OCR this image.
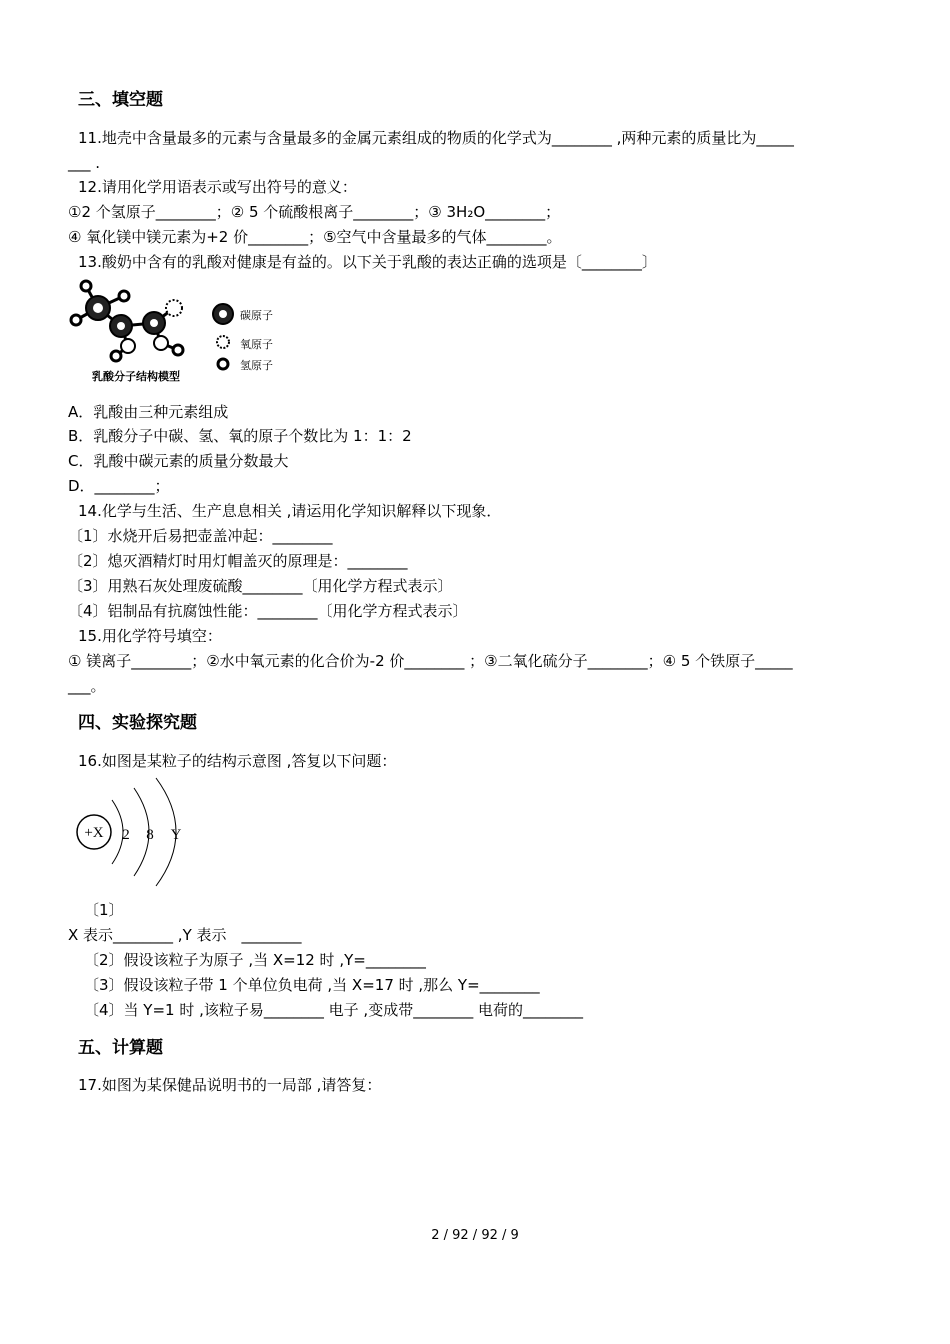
三、填空题
11.地壳中含量最多的元素与含量最多的金属元素组成的物质的化学式为________ ,两种元素的质量比为_____
___ .
12.请用化学用语表示或写出符号的意义：
①2 个氢原子________；② 5 个硫酸根离子________；③ 3H₂O________；
④ 氧化镁中镁元素为+2 价________；⑤空气中含量最多的气体________。
13.酸奶中含有的乳酸对健康是有益的。以下关于乳酸的表达正确的选项是〔________〕
乳酸分子结构模型
碳原子
氧原子
氢原子
A．乳酸由三种元素组成
B．乳酸分子中碳、氢、氧的原子个数比为 1：1：2
C．乳酸中碳元素的质量分数最大
D．________；
14.化学与生活、生产息息相关 ,请运用化学知识解释以下现象．
〔1〕水烧开后易把壶盖冲起：________
〔2〕熄灭酒精灯时用灯帽盖灭的原理是：________
〔3〕用熟石灰处理废硫酸________〔用化学方程式表示〕
〔4〕铝制品有抗腐蚀性能：________〔用化学方程式表示〕
15.用化学符号填空：
① 镁离子________；②水中氧元素的化合价为-2 价________ ；③二氧化硫分子________；④ 5 个铁原子_____
___。
四、实验探究题
16.如图是某粒子的结构示意图 ,答复以下问题：
+X 2 8 Y
〔1〕
X 表示________ ,Y 表示　________
〔2〕假设该粒子为原子 ,当 X=12 时 ,Y=________
〔3〕假设该粒子带 1 个单位负电荷 ,当 X=17 时 ,那么 Y=________
〔4〕当 Y=1 时 ,该粒子易________ 电子 ,变成带________ 电荷的________
五、计算题
17.如图为某保健品说明书的一局部 ,请答复：
2 / 92 / 92 / 9
